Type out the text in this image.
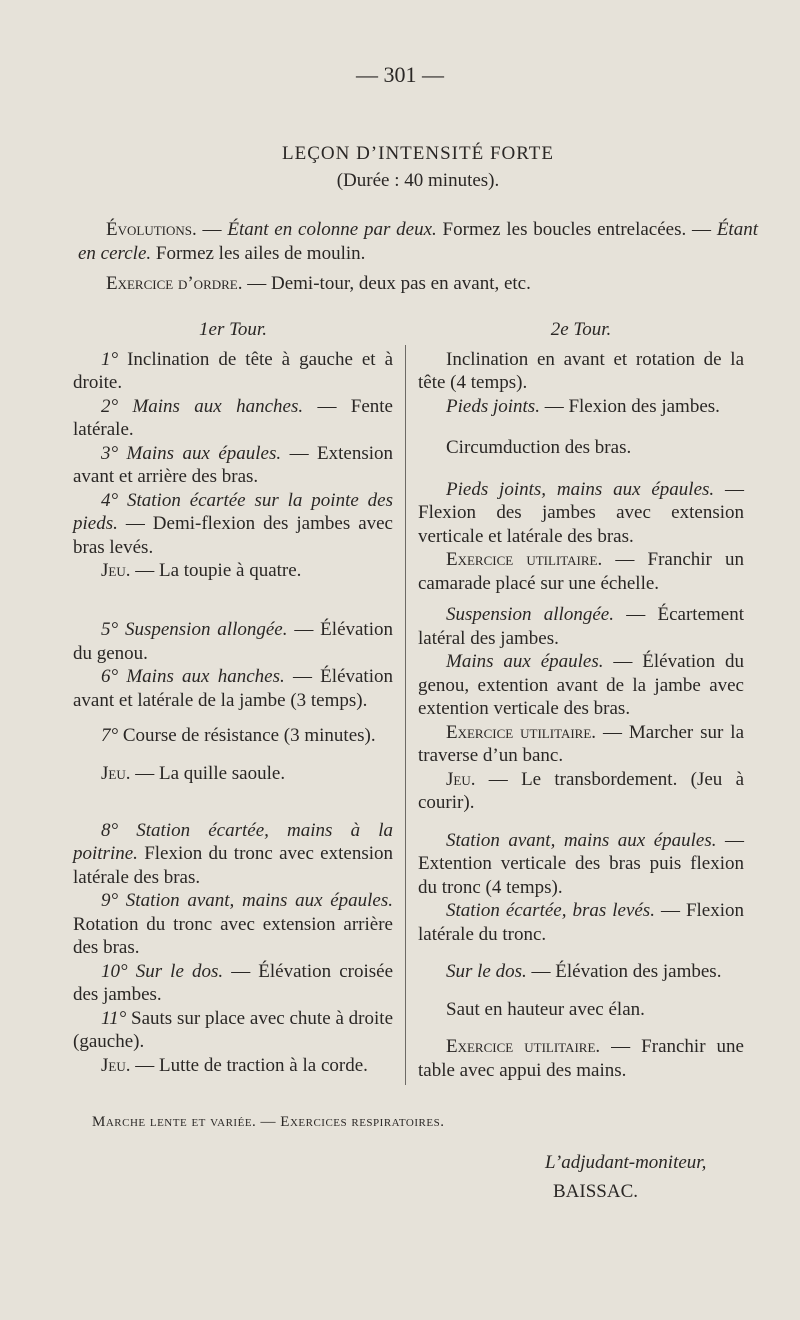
— 301 —
LEÇON D’INTENSITÉ FORTE
(Durée : 40 minutes).

Évolutions. — Étant en colonne par deux. Formez les boucles entrelacées. — Étant en cercle. Formez les ailes de moulin.

Exercice d’ordre. — Demi-tour, deux pas en avant, etc.

1er Tour.
1° Inclination de tête à gauche et à droite.
2° Mains aux hanches. — Fente latérale.
3° Mains aux épaules. — Extension avant et arrière des bras.
4° Station écartée sur la pointe des pieds. — Demi-flexion des jambes avec bras levés.
Jeu. — La toupie à quatre.
5° Suspension allongée. — Élévation du genou.
6° Mains aux hanches. — Élévation avant et latérale de la jambe (3 temps).
7° Course de résistance (3 minutes).
Jeu. — La quille saoule.
8° Station écartée, mains à la poitrine. Flexion du tronc avec extension latérale des bras.
9° Station avant, mains aux épaules. Rotation du tronc avec extension arrière des bras.
10° Sur le dos. — Élévation croisée des jambes.
11° Sauts sur place avec chute à droite (gauche).
Jeu. — Lutte de traction à la corde.
2e Tour.
Inclination en avant et rotation de la tête (4 temps).
Pieds joints. — Flexion des jambes.
Circumduction des bras.
Pieds joints, mains aux épaules. — Flexion des jambes avec extension verticale et latérale des bras.
Exercice utilitaire. — Franchir un camarade placé sur une échelle.
Suspension allongée. — Écartement latéral des jambes.
Mains aux épaules. — Élévation du genou, extention avant de la jambe avec extention verticale des bras.
Exercice utilitaire. — Marcher sur la traverse d’un banc.
Jeu. — Le transbordement. (Jeu à courir).
Station avant, mains aux épaules. — Extention verticale des bras puis flexion du tronc (4 temps).
Station écartée, bras levés. — Flexion latérale du tronc.
Sur le dos. — Élévation des jambes.
Saut en hauteur avec élan.
Exercice utilitaire. — Franchir une table avec appui des mains.
Marche lente et variée. — Exercices respiratoires.
L’adjudant-moniteur,
BAISSAC.
